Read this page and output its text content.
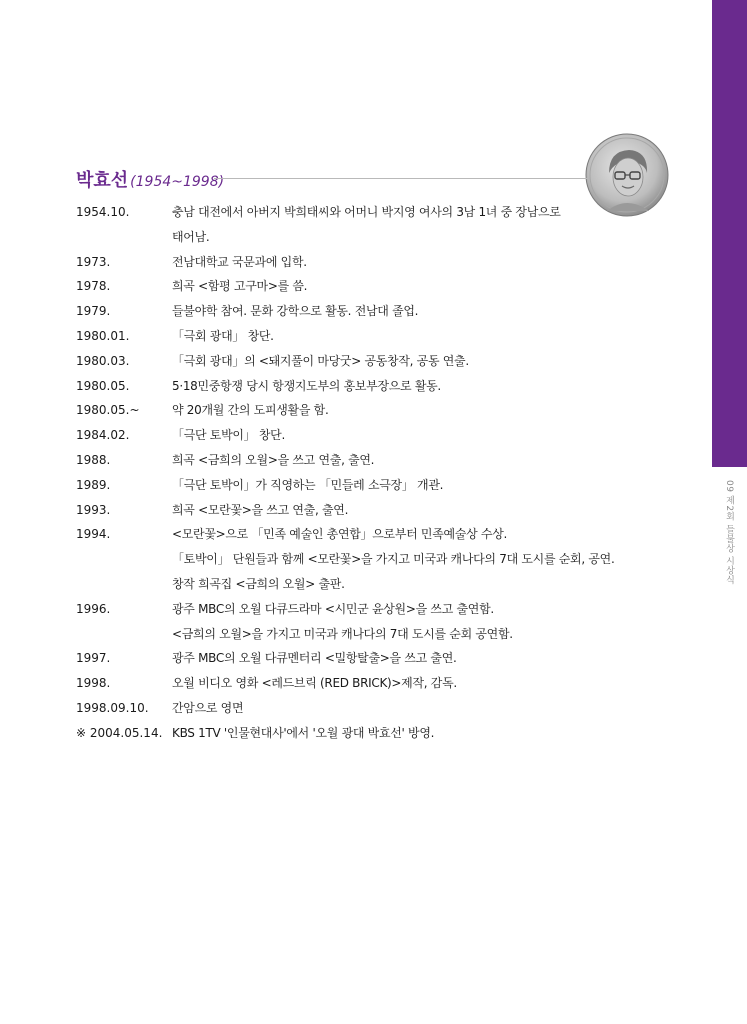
09 제2회 들불상 시상식
박효선 (1954~1998)
1954.10.	충남 대전에서 아버지 박희태씨와 어머니 박지영 여사의 3남 1녀 중 장남으로
태어남.
1973.	전남대학교 국문과에 입학.
1978.	희곡 <함평 고구마>를 씀.
1979.	들불야학 참여. 문화 강학으로 활동. 전남대 졸업.
1980.01.	「극회 광대」 창단.
1980.03.	「극회 광대」의 <돼지풀이 마당굿> 공동창작, 공동 연출.
1980.05.	5·18민중항쟁 당시 항쟁지도부의 홍보부장으로 활동.
1980.05.~	약 20개월 간의 도피생활을 함.
1984.02.	「극단 토박이」 창단.
1988.	희곡 <금희의 오월>을 쓰고 연출, 출연.
1989.	「극단 토박이」가 직영하는 「민들레 소극장」 개관.
1993.	희곡 <모란꽃>을 쓰고 연출, 출연.
1994.	<모란꽃>으로 「민족 예술인 총연합」으로부터 민족예술상 수상.
「토박이」 단원들과 함께 <모란꽃>을 가지고 미국과 캐나다의 7대 도시를 순회, 공연.
창작 희곡집 <금희의 오월> 출판.
1996.	광주 MBC의 오월 다큐드라마 <시민군 윤상원>을 쓰고 출연함.
<금희의 오월>을 가지고 미국과 캐나다의 7대 도시를 순회 공연함.
1997.	광주 MBC의 오월 다큐멘터리 <밀항탈출>을 쓰고 출연.
1998.	오월 비디오 영화 <레드브릭 (RED BRICK)>제작, 감독.
1998.09.10. 간암으로 영면
※ 2004.05.14. KBS 1TV '인물현대사'에서 '오월 광대 박효선' 방영.
